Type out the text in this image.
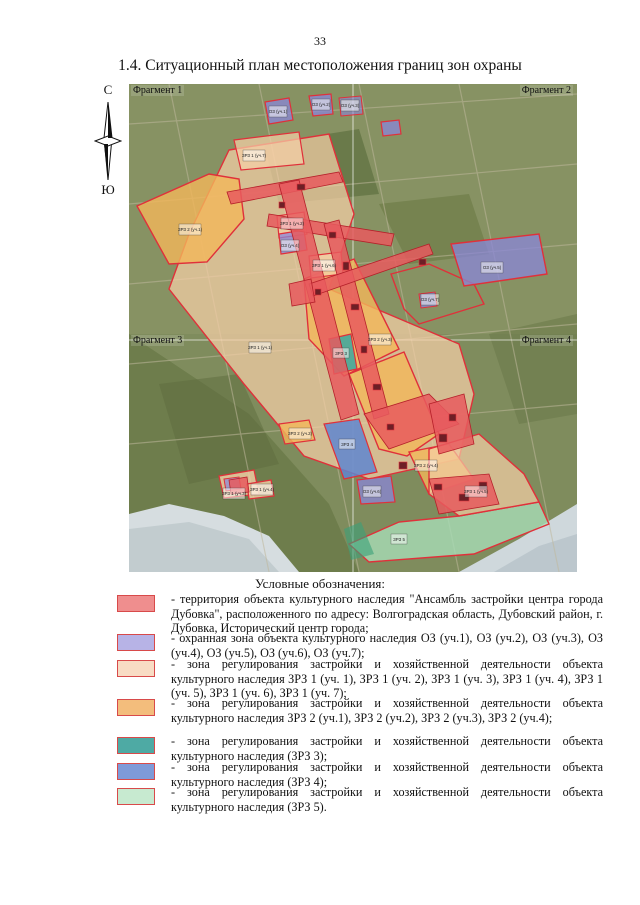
33
1.4. Ситуационный план местоположения границ зон охраны
С
Ю
ОЗ (уч.1)
ОЗ (уч.2) ОЗ (уч.3)
ЗРЗ 1 (уч.7)
ЗРЗ 2 (уч.1)
ЗРЗ 1 (уч.2)
ОЗ (уч.4)
ЗРЗ 1 (уч.6)	ОЗ (уч.5)
ЗРЗ 1 (уч.1)
ЗРЗ 2 (уч.3)
ЗРЗ 3
ЗРЗ 2 (уч.2)
ЗРЗ 4
ЗРЗ 2 (уч.4)
ЗРЗ 1 (уч.3)
ЗРЗ 1 (уч.4)	ОЗ (уч.6)	ЗРЗ 1 (уч.5)
ЗРЗ 5
ОЗ (уч.7)
Фрагмент 1	Фрагмент 2
Фрагмент 3	Фрагмент 4
Условные обозначения:
- территория объекта культурного наследия "Ансамбль застройки центра города Дубовка", расположенного по адресу: Волгоградская область, Дубовский район, г. Дубовка, Исторический центр города;
- охранная зона объекта культурного наследия ОЗ (уч.1), ОЗ (уч.2), ОЗ (уч.3), ОЗ (уч.4), ОЗ (уч.5), ОЗ (уч.6), ОЗ (уч.7);
- зона регулирования застройки и хозяйственной деятельности объекта культурного наследия ЗРЗ 1 (уч. 1), ЗРЗ 1 (уч. 2), ЗРЗ 1 (уч. 3), ЗРЗ 1 (уч. 4), ЗРЗ 1 (уч. 5), ЗРЗ 1 (уч. 6), ЗРЗ 1 (уч. 7);
- зона регулирования застройки и хозяйственной деятельности объекта культурного наследия ЗРЗ 2 (уч.1), ЗРЗ 2 (уч.2), ЗРЗ 2 (уч.3), ЗРЗ 2 (уч.4);
- зона регулирования застройки и хозяйственной деятельности объекта культурного наследия (ЗРЗ 3);
- зона регулирования застройки и хозяйственной деятельности объекта культурного наследия (ЗРЗ 4);
- зона регулирования застройки и хозяйственной деятельности объекта культурного наследия (ЗРЗ 5).
